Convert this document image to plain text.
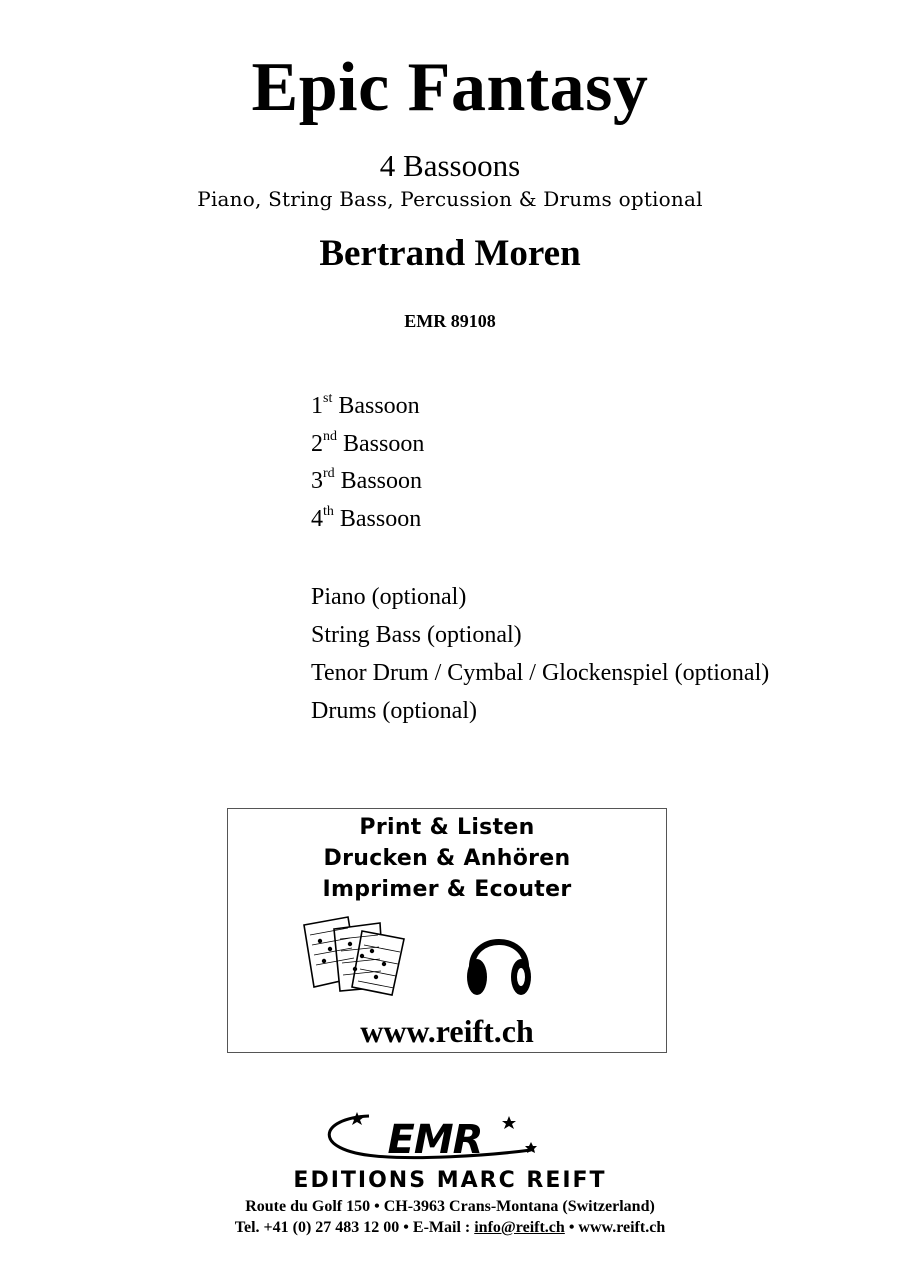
Epic Fantasy
4 Bassoons
Piano, String Bass, Percussion & Drums optional
Bertrand Moren
EMR 89108
1st Bassoon
2nd Bassoon
3rd Bassoon
4th Bassoon
Piano (optional)
String Bass (optional)
Tenor Drum / Cymbal / Glockenspiel (optional)
Drums (optional)
Print & Listen
Drucken & Anhören
Imprimer & Ecouter
www.reift.ch
EMR
EDITIONS MARC REIFT
Route du Golf 150 • CH-3963 Crans-Montana (Switzerland)
Tel. +41 (0) 27 483 12 00 • E-Mail : info@reift.ch • www.reift.ch
